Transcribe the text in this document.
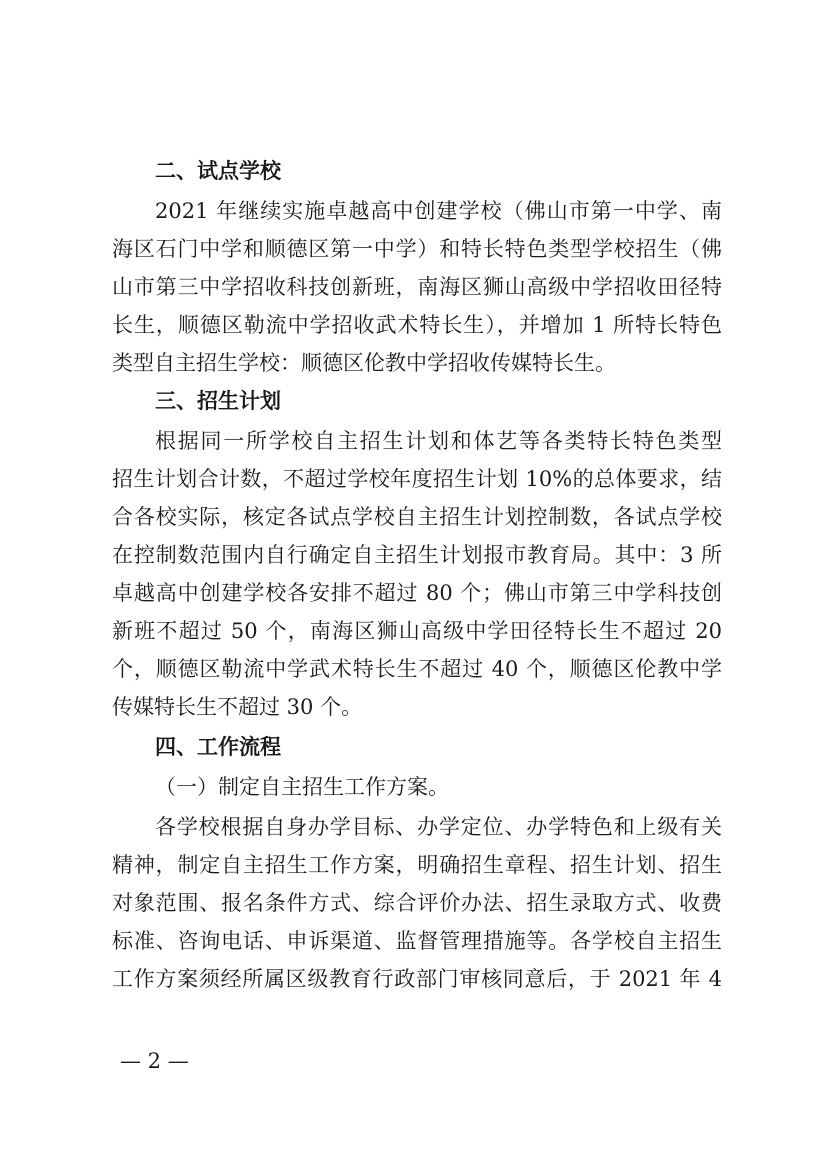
二、试点学校
2021 年继续实施卓越高中创建学校（佛山市第一中学、南
海区石门中学和顺德区第一中学）和特长特色类型学校招生（佛
山市第三中学招收科技创新班，南海区狮山高级中学招收田径特
长生，顺德区勒流中学招收武术特长生），并增加 1 所特长特色
类型自主招生学校：顺德区伦教中学招收传媒特长生。
三、招生计划
根据同一所学校自主招生计划和体艺等各类特长特色类型
招生计划合计数，不超过学校年度招生计划 10%的总体要求，结
合各校实际，核定各试点学校自主招生计划控制数，各试点学校
在控制数范围内自行确定自主招生计划报市教育局。其中：3 所
卓越高中创建学校各安排不超过 80 个；佛山市第三中学科技创
新班不超过 50 个，南海区狮山高级中学田径特长生不超过 20
个，顺德区勒流中学武术特长生不超过 40 个，顺德区伦教中学
传媒特长生不超过 30 个。
四、工作流程
（一）制定自主招生工作方案。
各学校根据自身办学目标、办学定位、办学特色和上级有关
精神，制定自主招生工作方案，明确招生章程、招生计划、招生
对象范围、报名条件方式、综合评价办法、招生录取方式、收费
标准、咨询电话、申诉渠道、监督管理措施等。各学校自主招生
工作方案须经所属区级教育行政部门审核同意后，于 2021 年 4
— 2 —
